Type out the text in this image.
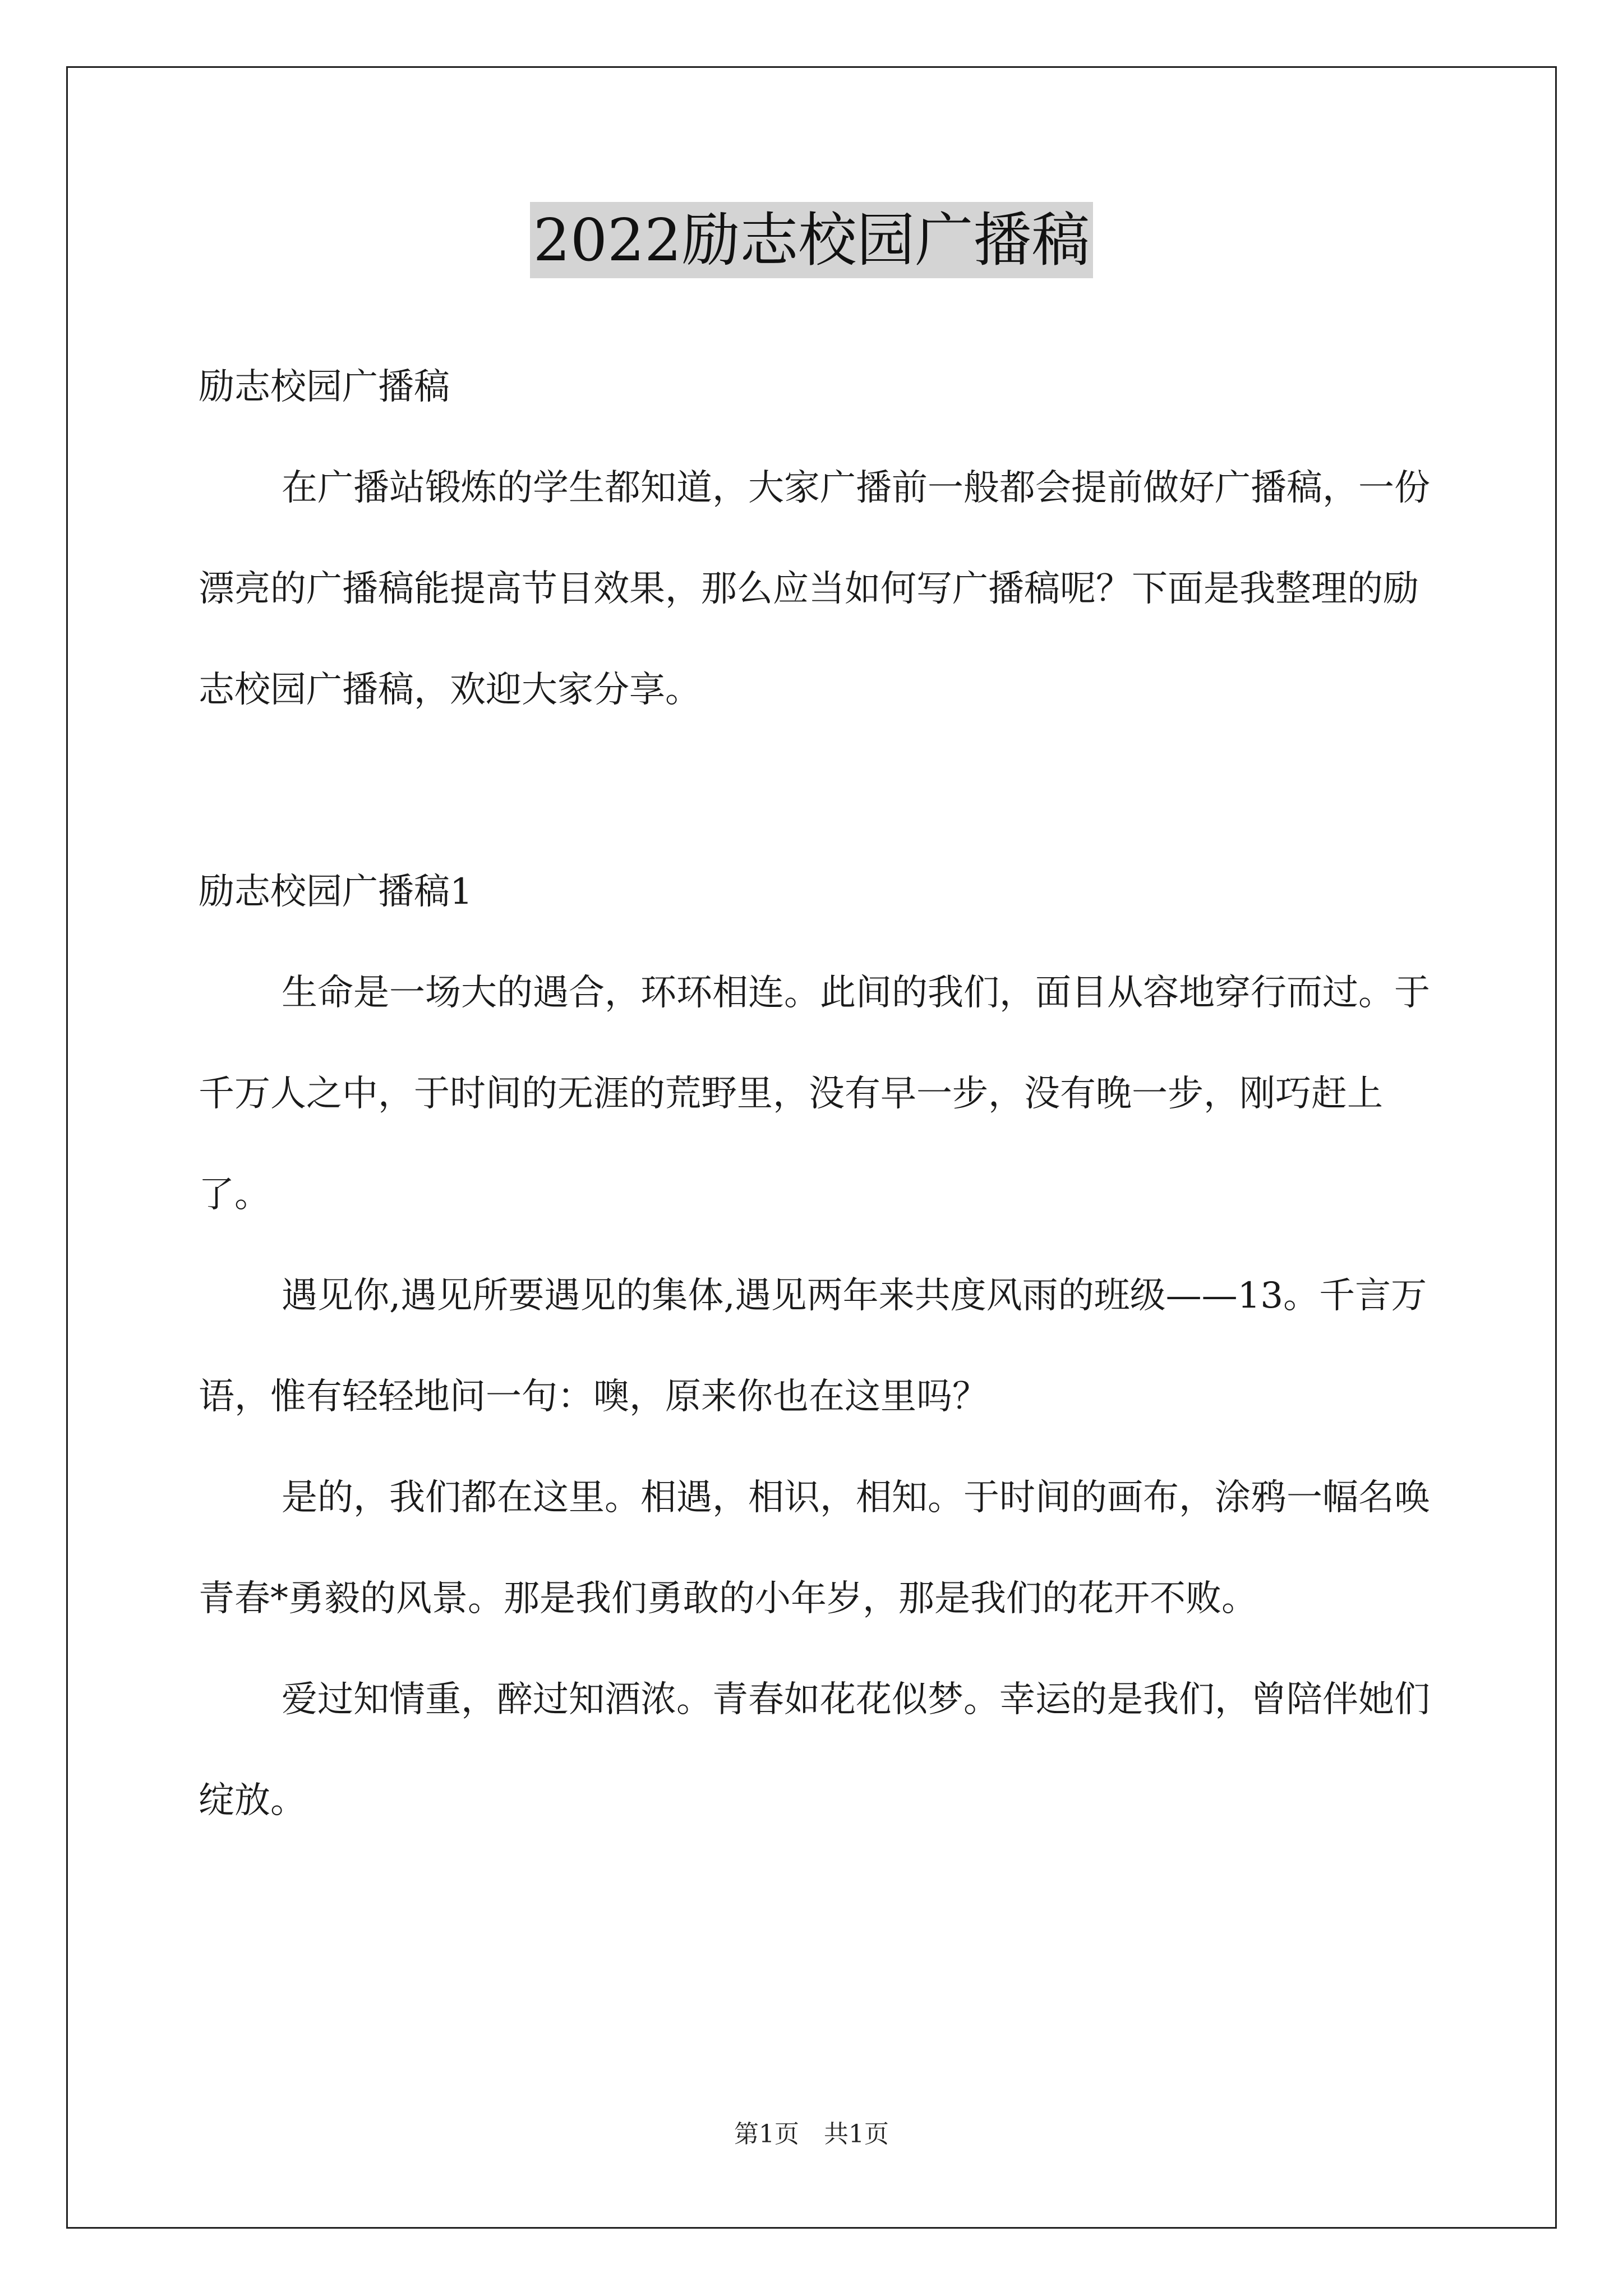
2022励志校园广播稿

励志校园广播稿

在广播站锻炼的学生都知道，大家广播前一般都会提前做好广播稿，一份漂亮的广播稿能提高节目效果，那么应当如何写广播稿呢？下面是我整理的励志校园广播稿，欢迎大家分享。

励志校园广播稿1

生命是一场大的遇合，环环相连。此间的我们，面目从容地穿行而过。于千万人之中，于时间的无涯的荒野里，没有早一步，没有晚一步，刚巧赶上了。

遇见你,遇见所要遇见的集体,遇见两年来共度风雨的班级——13。千言万语，惟有轻轻地问一句：噢，原来你也在这里吗？

是的，我们都在这里。相遇，相识，相知。于时间的画布，涂鸦一幅名唤青春*勇毅的风景。那是我们勇敢的小年岁，那是我们的花开不败。

爱过知情重，醉过知酒浓。青春如花花似梦。幸运的是我们，曾陪伴她们绽放。

第1页　共1页
